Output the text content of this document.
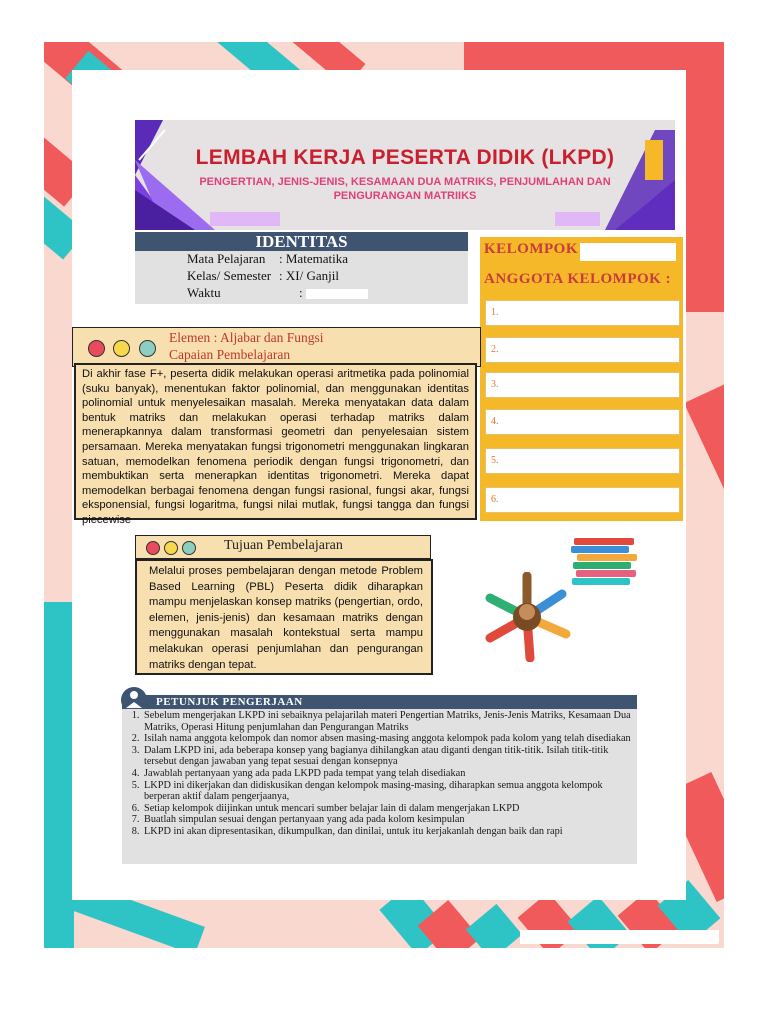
LEMBAH KERJA PESERTA DIDIK (LKPD)
PENGERTIAN, JENIS-JENIS, KESAMAAN DUA MATRIKS, PENJUMLAHAN DAN PENGURANGAN MATRIIKS
IDENTITAS
Mata Pelajaran : Matematika
Kelas/ Semester : XI/ Ganjil
Waktu	:
KELOMPOK
ANGGOTA KELOMPOK :
1.
2.
3.
4.
5.
6.
Elemen : Aljabar dan Fungsi
Capaian Pembelajaran
Di akhir fase F+, peserta didik melakukan operasi aritmetika pada polinomial (suku banyak), menentukan faktor polinomial, dan menggunakan identitas polinomial untuk menyelesaikan masalah. Mereka menyatakan data dalam bentuk matriks dan melakukan operasi terhadap matriks dalam menerapkannya dalam transformasi geometri dan penyelesaian sistem persamaan. Mereka menyatakan fungsi trigonometri menggunakan lingkaran satuan, memodelkan fenomena periodik dengan fungsi trigonometri, dan membuktikan serta menerapkan identitas trigonometri. Mereka dapat memodelkan berbagai fenomena dengan fungsi rasional, fungsi akar, fungsi eksponensial, fungsi logaritma, fungsi nilai mutlak, fungsi tangga dan fungsi piecewise
Tujuan Pembelajaran
Melalui proses pembelajaran dengan metode Problem Based Learning (PBL) Peserta didik diharapkan mampu menjelaskan konsep matriks (pengertian, ordo, elemen, jenis-jenis) dan kesamaan matriks dengan menggunakan masalah kontekstual serta mampu melakukan operasi penjumlahan dan pengurangan matriks dengan tepat.
PETUNJUK PENGERJAAN
1. Sebelum mengerjakan LKPD ini sebaiknya pelajarilah materi Pengertian Matriks, Jenis-Jenis Matriks, Kesamaan Dua Matriks, Operasi Hitung penjumlahan dan Pengurangan Matriks
2. Isilah nama anggota kelompok dan nomor absen masing-masing anggota kelompok pada kolom yang telah disediakan
3. Dalam LKPD ini, ada beberapa konsep yang bagianya dihilangkan atau diganti dengan titik-titik. Isilah titik-titik tersebut dengan jawaban yang tepat sesuai dengan konsepnya
4. Jawablah pertanyaan yang ada pada LKPD pada tempat yang telah disediakan
5. LKPD ini dikerjakan dan didiskusikan dengan kelompok masing-masing, diharapkan semua anggota kelompok berperan aktif dalam pengerjaanya,
6. Setiap kelompok diijinkan untuk mencari sumber belajar lain di dalam mengerjakan LKPD
7. Buatlah simpulan sesuai dengan pertanyaan yang ada pada kolom kesimpulan
8. LKPD ini akan dipresentasikan, dikumpulkan, dan dinilai, untuk itu kerjakanlah dengan baik dan rapi
